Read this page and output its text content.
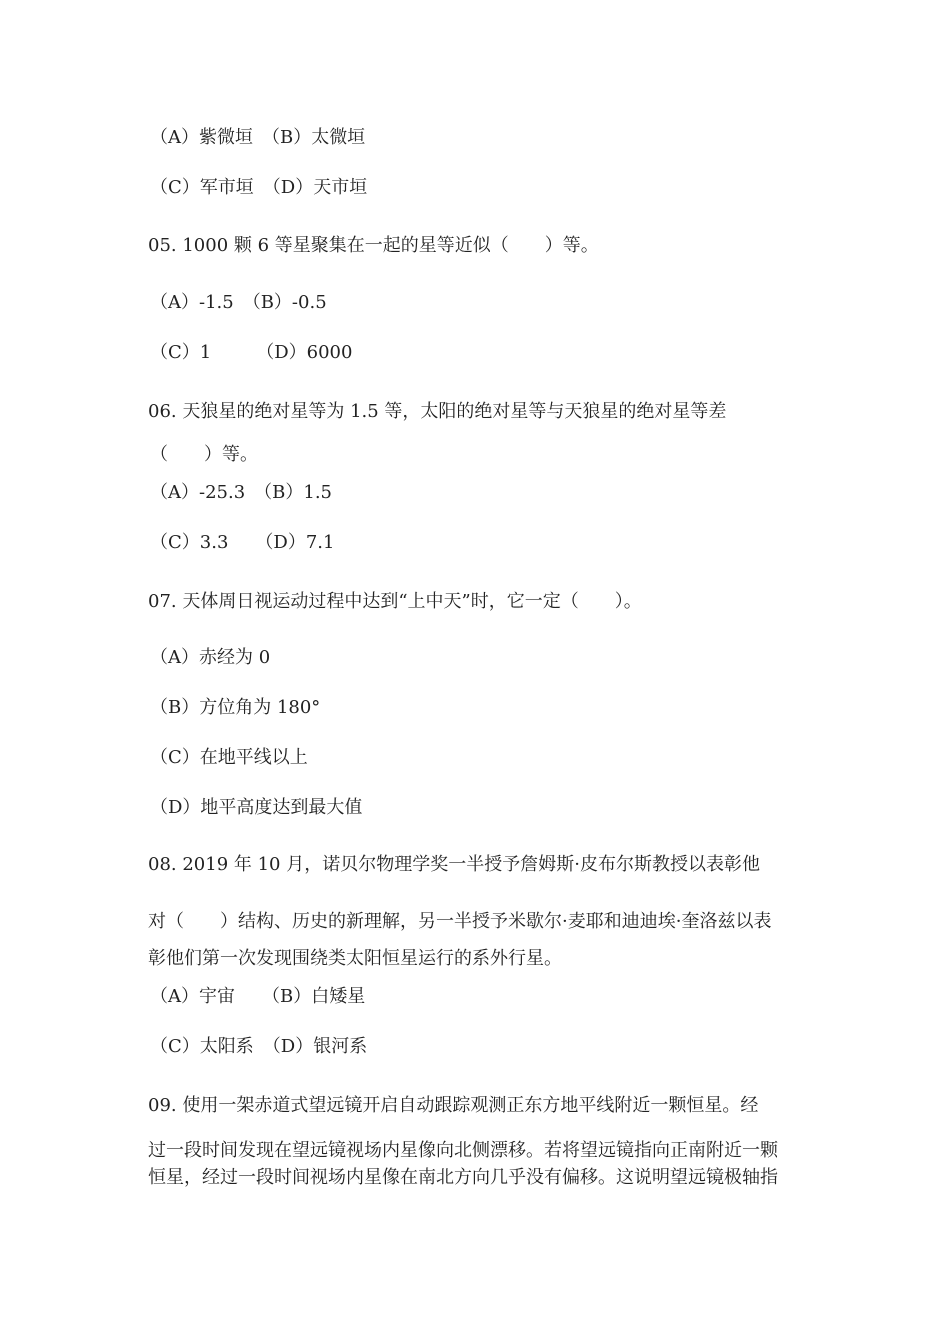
（A）紫微垣　（B）太微垣
（C）军市垣　（D）天市垣
05. 1000 颗 6 等星聚集在一起的星等近似（　　）等。
（A）-1.5　（B）-0.5
（C）1　　　（D）6000
06. 天狼星的绝对星等为 1.5 等，太阳的绝对星等与天狼星的绝对星等差
（　　）等。
（A）-25.3　（B）1.5
（C）3.3　　（D）7.1
07. 天体周日视运动过程中达到“上中天”时，它一定（　　）。
（A）赤经为 0
（B）方位角为 180°
（C）在地平线以上
（D）地平高度达到最大值
08. 2019 年 10 月，诺贝尔物理学奖一半授予詹姆斯·皮布尔斯教授以表彰他
对（　　）结构、历史的新理解，另一半授予米歇尔·麦耶和迪迪埃·奎洛兹以表
彰他们第一次发现围绕类太阳恒星运行的系外行星。
（A）宇宙　　（B）白矮星
（C）太阳系　（D）银河系
09. 使用一架赤道式望远镜开启自动跟踪观测正东方地平线附近一颗恒星。经
过一段时间发现在望远镜视场内星像向北侧漂移。若将望远镜指向正南附近一颗
恒星，经过一段时间视场内星像在南北方向几乎没有偏移。这说明望远镜极轴指
